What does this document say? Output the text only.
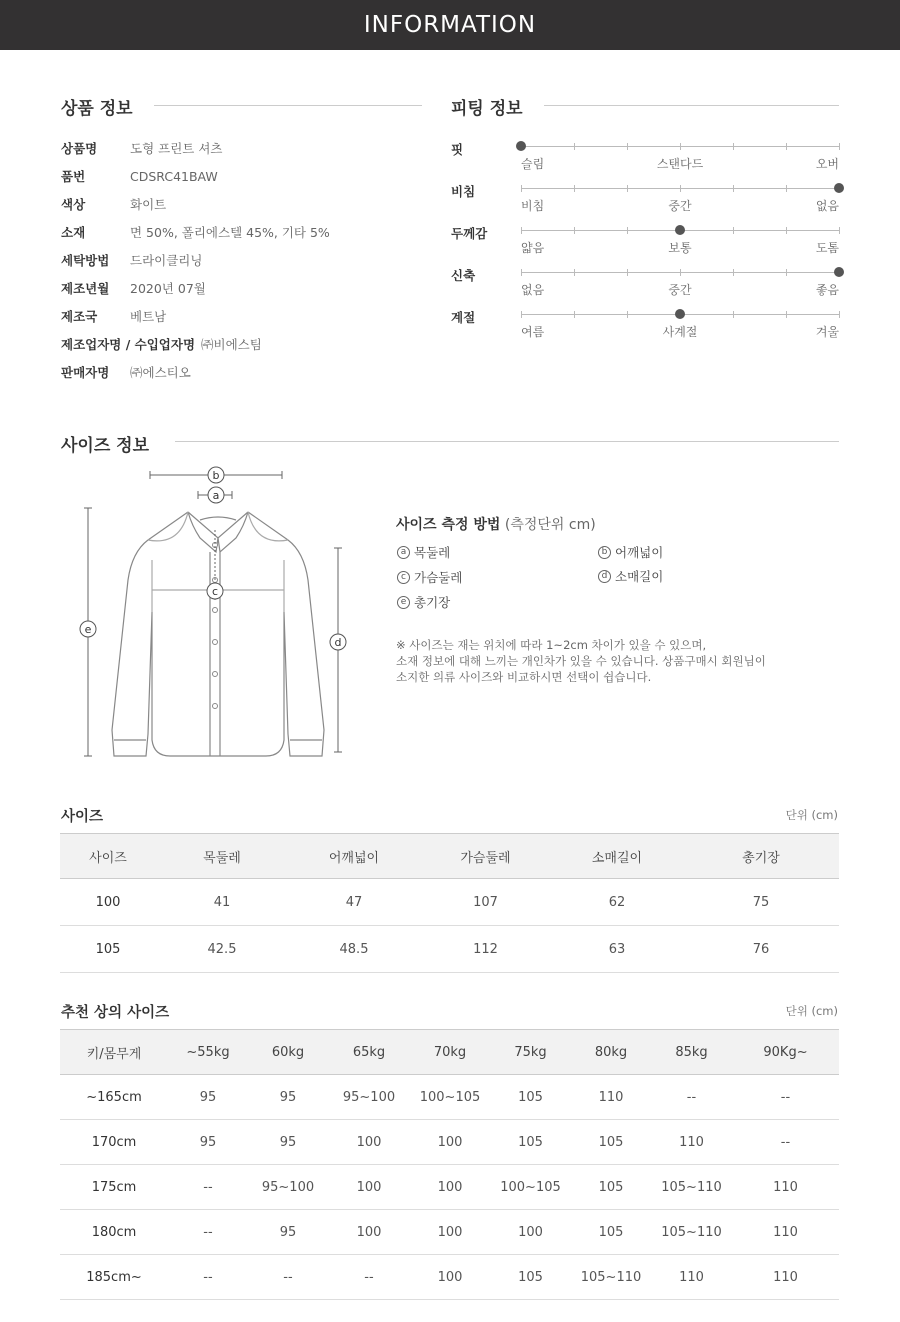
INFORMATION
상품 정보
상품명	도형 프린트 셔츠
품번	CDSRC41BAW
색상	화이트
소재	면 50%, 폴리에스텔 45%, 기타 5%
세탁방법	드라이클리닝
제조년월	2020년 07월
제조국	베트남
제조업자명 / 수입업자명 ㈜비에스팀
판매자명	㈜에스티오
피팅 정보
핏
슬림	스탠다드	오버
비침
비침	중간	없음
두께감
얇음	보통	도톰
신축
없음	중간	좋음
계절
여름	사계절	겨울
사이즈 정보
b
a
c
e
d
사이즈 측정 방법 (측정단위 cm)
a 목둘레	b 어깨넓이
c 가슴둘레	d 소매길이
e 총기장
※ 사이즈는 재는 위치에 따라 1~2cm 차이가 있을 수 있으며,
소재 정보에 대해 느끼는 개인차가 있을 수 있습니다. 상품구매시 회원님이
소지한 의류 사이즈와 비교하시면 선택이 쉽습니다.
사이즈	단위 (cm)
사이즈	목둘레	어깨넓이	가슴둘레	소매길이	총기장
100	41	47	107	62	75
105	42.5	48.5	112	63	76
추천 상의 사이즈	단위 (cm)
키/몸무게	~55kg	60kg	65kg	70kg	75kg	80kg	85kg	90Kg~
~165cm	95	95	95~100	100~105	105	110	--	--
170cm	95	95	100	100	105	105	110	--
175cm	--	95~100	100	100	100~105	105	105~110	110
180cm	--	95	100	100	100	105	105~110	110
185cm~	--	--	--	100	105	105~110	110	110
